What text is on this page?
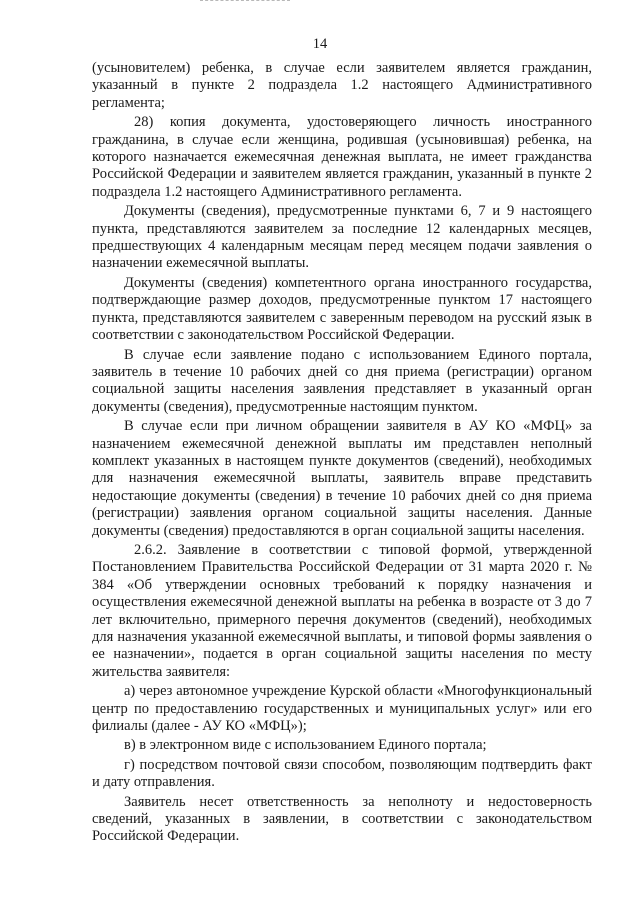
14

(усыновителем) ребенка, в случае если заявителем является гражданин, указанный в пункте 2 подраздела 1.2 настоящего Административного регламента;

28) копия документа, удостоверяющего личность иностранного гражданина, в случае если женщина, родившая (усыновившая) ребенка, на которого назначается ежемесячная денежная выплата, не имеет гражданства Российской Федерации и заявителем является гражданин, указанный в пункте 2 подраздела 1.2 настоящего Административного регламента.

Документы (сведения), предусмотренные пунктами 6, 7 и 9 настоящего пункта, представляются заявителем за последние 12 календарных месяцев, предшествующих 4 календарным месяцам перед месяцем подачи заявления о назначении ежемесячной выплаты.

Документы (сведения) компетентного органа иностранного государства, подтверждающие размер доходов, предусмотренные пунктом 17 настоящего пункта, представляются заявителем с заверенным переводом на русский язык в соответствии с законодательством Российской Федерации.

В случае если заявление подано с использованием Единого портала, заявитель в течение 10 рабочих дней со дня приема (регистрации) органом социальной защиты населения заявления представляет в указанный орган документы (сведения), предусмотренные настоящим пунктом.

В случае если при личном обращении заявителя в АУ КО «МФЦ» за назначением ежемесячной денежной выплаты им представлен неполный комплект указанных в настоящем пункте документов (сведений), необходимых для назначения ежемесячной выплаты, заявитель вправе представить недостающие документы (сведения) в течение 10 рабочих дней со дня приема (регистрации) заявления органом социальной защиты населения. Данные документы (сведения) предоставляются в орган социальной защиты населения.

2.6.2. Заявление в соответствии с типовой формой, утвержденной Постановлением Правительства Российской Федерации от 31 марта 2020 г. № 384 «Об утверждении основных требований к порядку назначения и осуществления ежемесячной денежной выплаты на ребенка в возрасте от 3 до 7 лет включительно, примерного перечня документов (сведений), необходимых для назначения указанной ежемесячной выплаты, и типовой формы заявления о ее назначении», подается в орган социальной защиты населения по месту жительства заявителя:

а) через автономное учреждение Курской области «Многофункциональный центр по предоставлению государственных и муниципальных услуг» или его филиалы (далее - АУ КО «МФЦ»);

в) в электронном виде с использованием Единого портала;

г) посредством почтовой связи способом, позволяющим подтвердить факт и дату отправления.

Заявитель несет ответственность за неполноту и недостоверность сведений, указанных в заявлении, в соответствии с законодательством Российской Федерации.
